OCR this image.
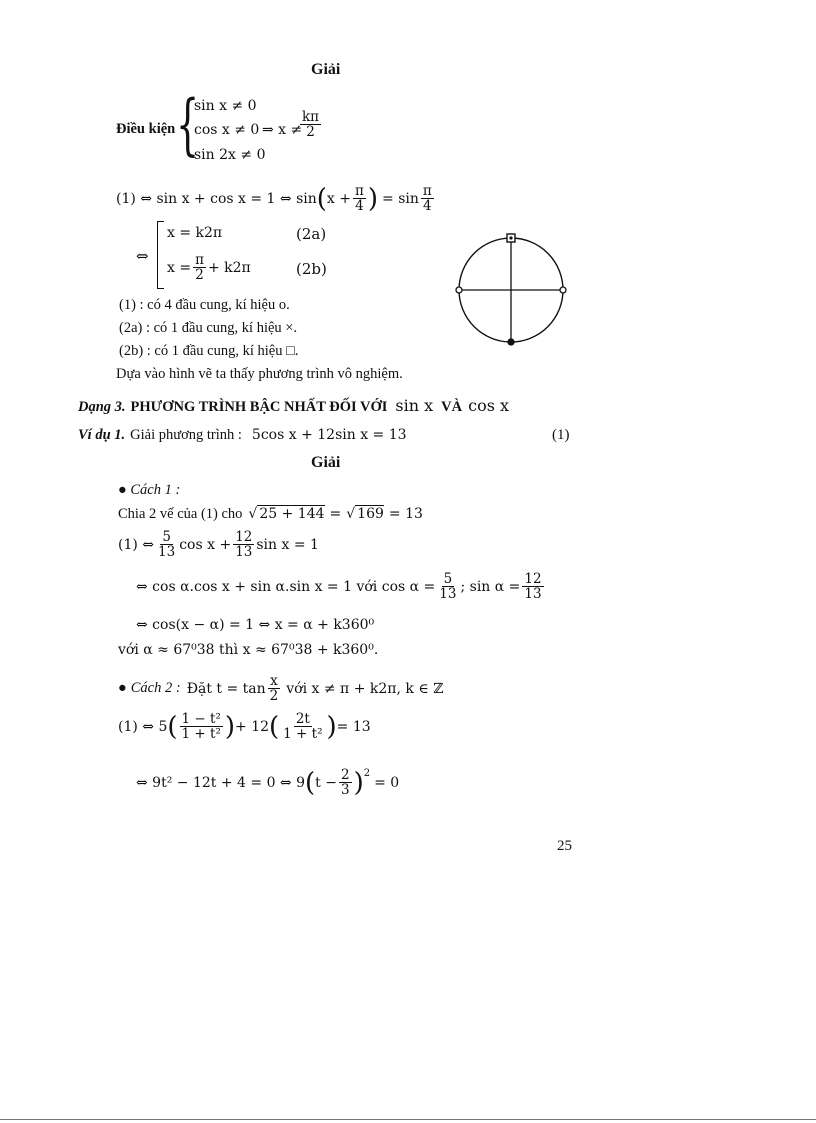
Giải
Điều kiện {
sin x ≠ 0
cos x ≠ 0
sin 2x ≠ 0
⇒ x ≠
$\frac{k\pi}{2}$
(1) ⇔ sin x + cos x = 1 ⇔ sin ( $x + \frac{\pi}{4}$ ) = $\sin \frac{\pi}{4}$
⇔
x = k2π	(2a)
$x = \frac{\pi}{2} + k2\pi$	(2b)
(1) : có 4 đầu cung, kí hiệu o.
(2a) : có 1 đầu cung, kí hiệu ×.
(2b) : có 1 đầu cung, kí hiệu □.
Dựa vào hình vẽ ta thấy phương trình vô nghiệm.
Dạng 3. PHƯƠNG TRÌNH BẬC NHẤT ĐỐI VỚI sin x VÀ cos x
Ví dụ 1. Giải phương trình : 5cos x + 12sin x = 13	(1)
Giải
● Cách 1 :
Chia 2 vế của (1) cho √ 25 + 144 = √ 169 = 13
(1) ⇔ $\frac{5}{13}$ $\cos x + \frac{12}{13}$ sin x = 1
⇔ cos α.cos x + sin α.sin x = 1 với $\cos \alpha = \frac{5}{13}$ ; $\sin \alpha = \frac{12}{13}$
⇔ cos(x − α) = 1 ⇔ x = α + k360⁰
với α ≈ 67⁰38 thì x ≈ 67⁰38 + k360⁰.
● Cách 2 : Đặt $t = \tan \frac{x}{2}$ với x ≠ π + k2π, k ∈ ℤ
(1) ⇔ 5 ( $\frac{\text{1 − t²}}{\text{1 + t²}}$ ) + 12 ( $\frac{2t}{\text{1 + t²}}$ ) = 13
⇔ 9t² − 12t + 4 = 0 ⇔ 9 ( $t - \frac{2}{3} )^2$
= 0
25
